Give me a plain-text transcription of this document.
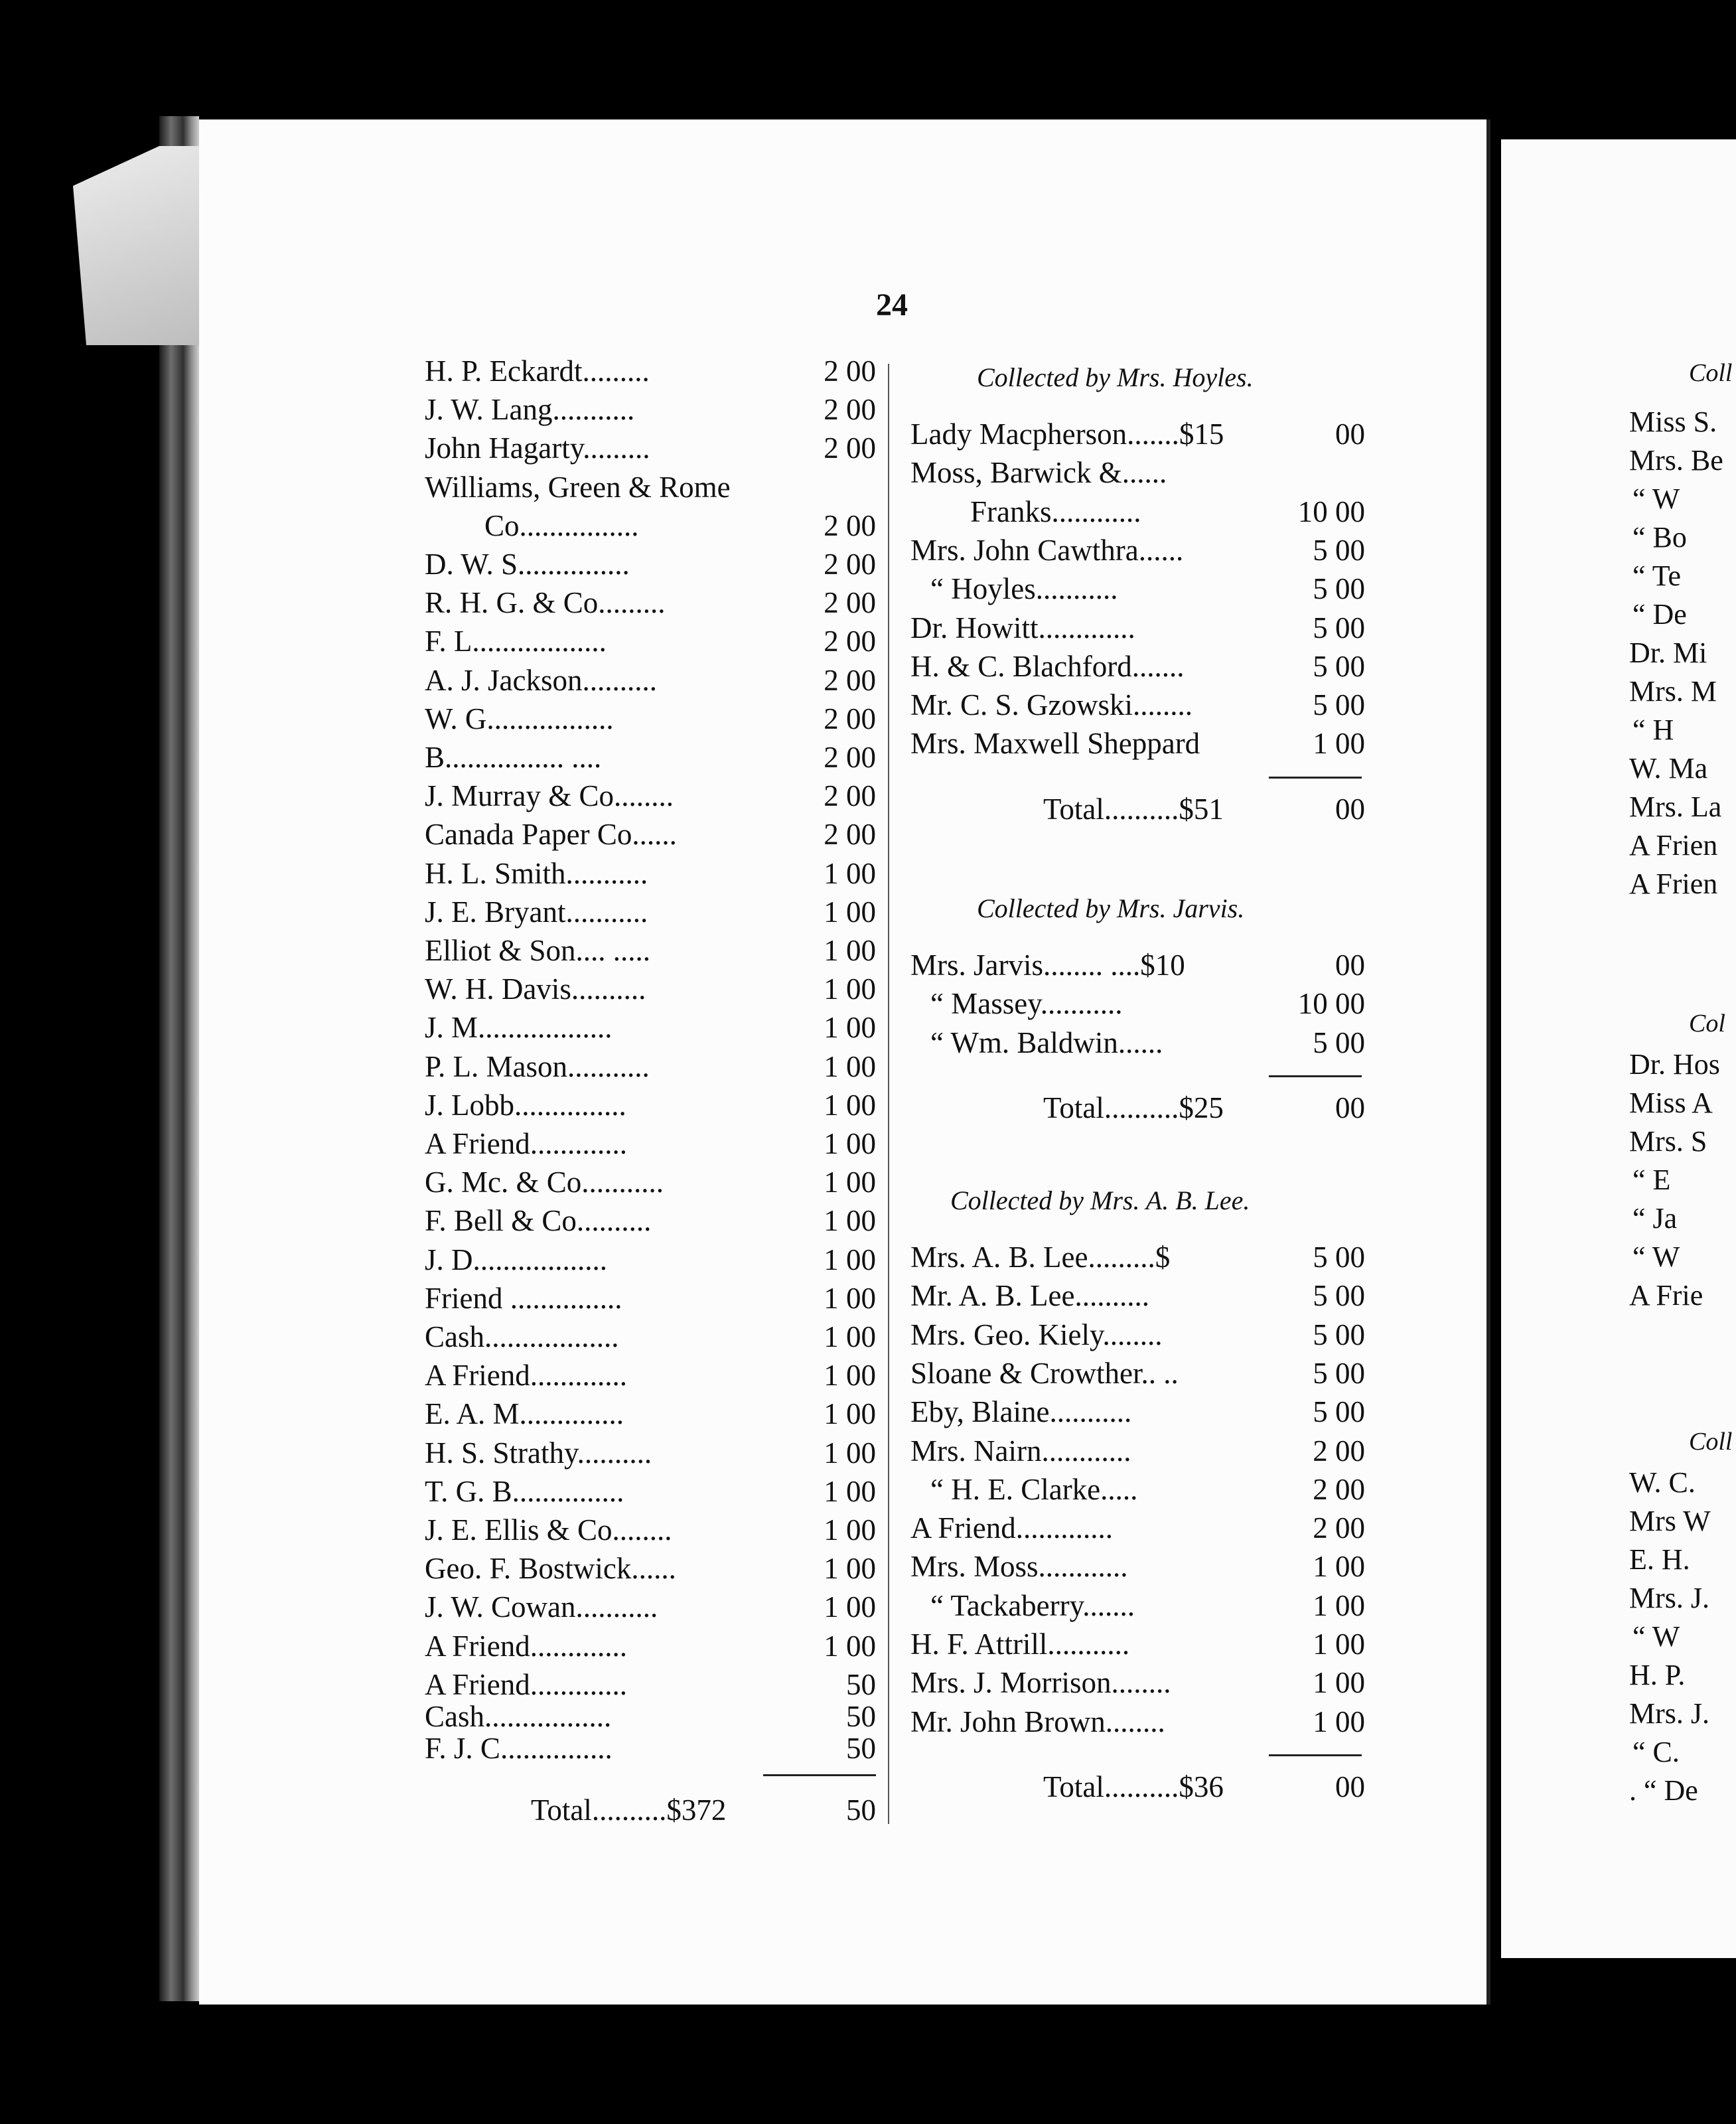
24
H. P. Eckardt.........	2 00
J. W. Lang...........	2 00
John Hagarty.........	2 00
Williams, Green & Rome
Co................	2 00
D. W. S...............	2 00
R. H. G. & Co.........	2 00
F. L..................	2 00
A. J. Jackson..........	2 00
W. G.................	2 00
B................ ....	2 00
J. Murray & Co........	2 00
Canada Paper Co......	2 00
H. L. Smith...........	1 00
J. E. Bryant...........	1 00
Elliot & Son.... .....	1 00
W. H. Davis..........	1 00
J. M..................	1 00
P. L. Mason...........	1 00
J. Lobb...............	1 00
A Friend.............	1 00
G. Mc. & Co...........	1 00
F. Bell & Co..........	1 00
J. D..................	1 00
Friend ...............	1 00
Cash..................	1 00
A Friend.............	1 00
E. A. M..............	1 00
H. S. Strathy..........	1 00
T. G. B...............	1 00
J. E. Ellis & Co........	1 00
Geo. F. Bostwick......	1 00
J. W. Cowan...........	1 00
A Friend.............	1 00
A Friend.............	50
Cash.................	50
F. J. C...............	50
Total..........$372	50
Collected by Mrs. Hoyles.
Lady Macpherson.......$15	00
Moss, Barwick &......
Franks............	10 00
Mrs. John Cawthra......	5 00
“ Hoyles...........	5 00
Dr. Howitt.............	5 00
H. & C. Blachford.......	5 00
Mr. C. S. Gzowski........	5 00
Mrs. Maxwell Sheppard	1 00
Total..........$51	00
Collected by Mrs. Jarvis.
Mrs. Jarvis........ ....$10	00
“ Massey...........	10 00
“ Wm. Baldwin......	5 00
Total..........$25	00
Collected by Mrs. A. B. Lee.
Mrs. A. B. Lee.........$	5 00
Mr. A. B. Lee..........	5 00
Mrs. Geo. Kiely........	5 00
Sloane & Crowther.. ..	5 00
Eby, Blaine...........	5 00
Mrs. Nairn............	2 00
“ H. E. Clarke.....	2 00
A Friend.............	2 00
Mrs. Moss............	1 00
“ Tackaberry.......	1 00
H. F. Attrill...........	1 00
Mrs. J. Morrison........	1 00
Mr. John Brown........	1 00
Total..........$36	00
Coll
Miss S.
Mrs. Be
“ W
“ Bo
“ Te
“ De
Dr. Mi
Mrs. M
“ H
W. Ma
Mrs. La
A Frien
A Frien
Col
Dr. Hos
Miss A
Mrs. S
“ E
“ Ja
“ W
A Frie
Coll
W. C.
Mrs W
E. H.
Mrs. J.
“ W
H. P.
Mrs. J.
“ C.
. “ De
